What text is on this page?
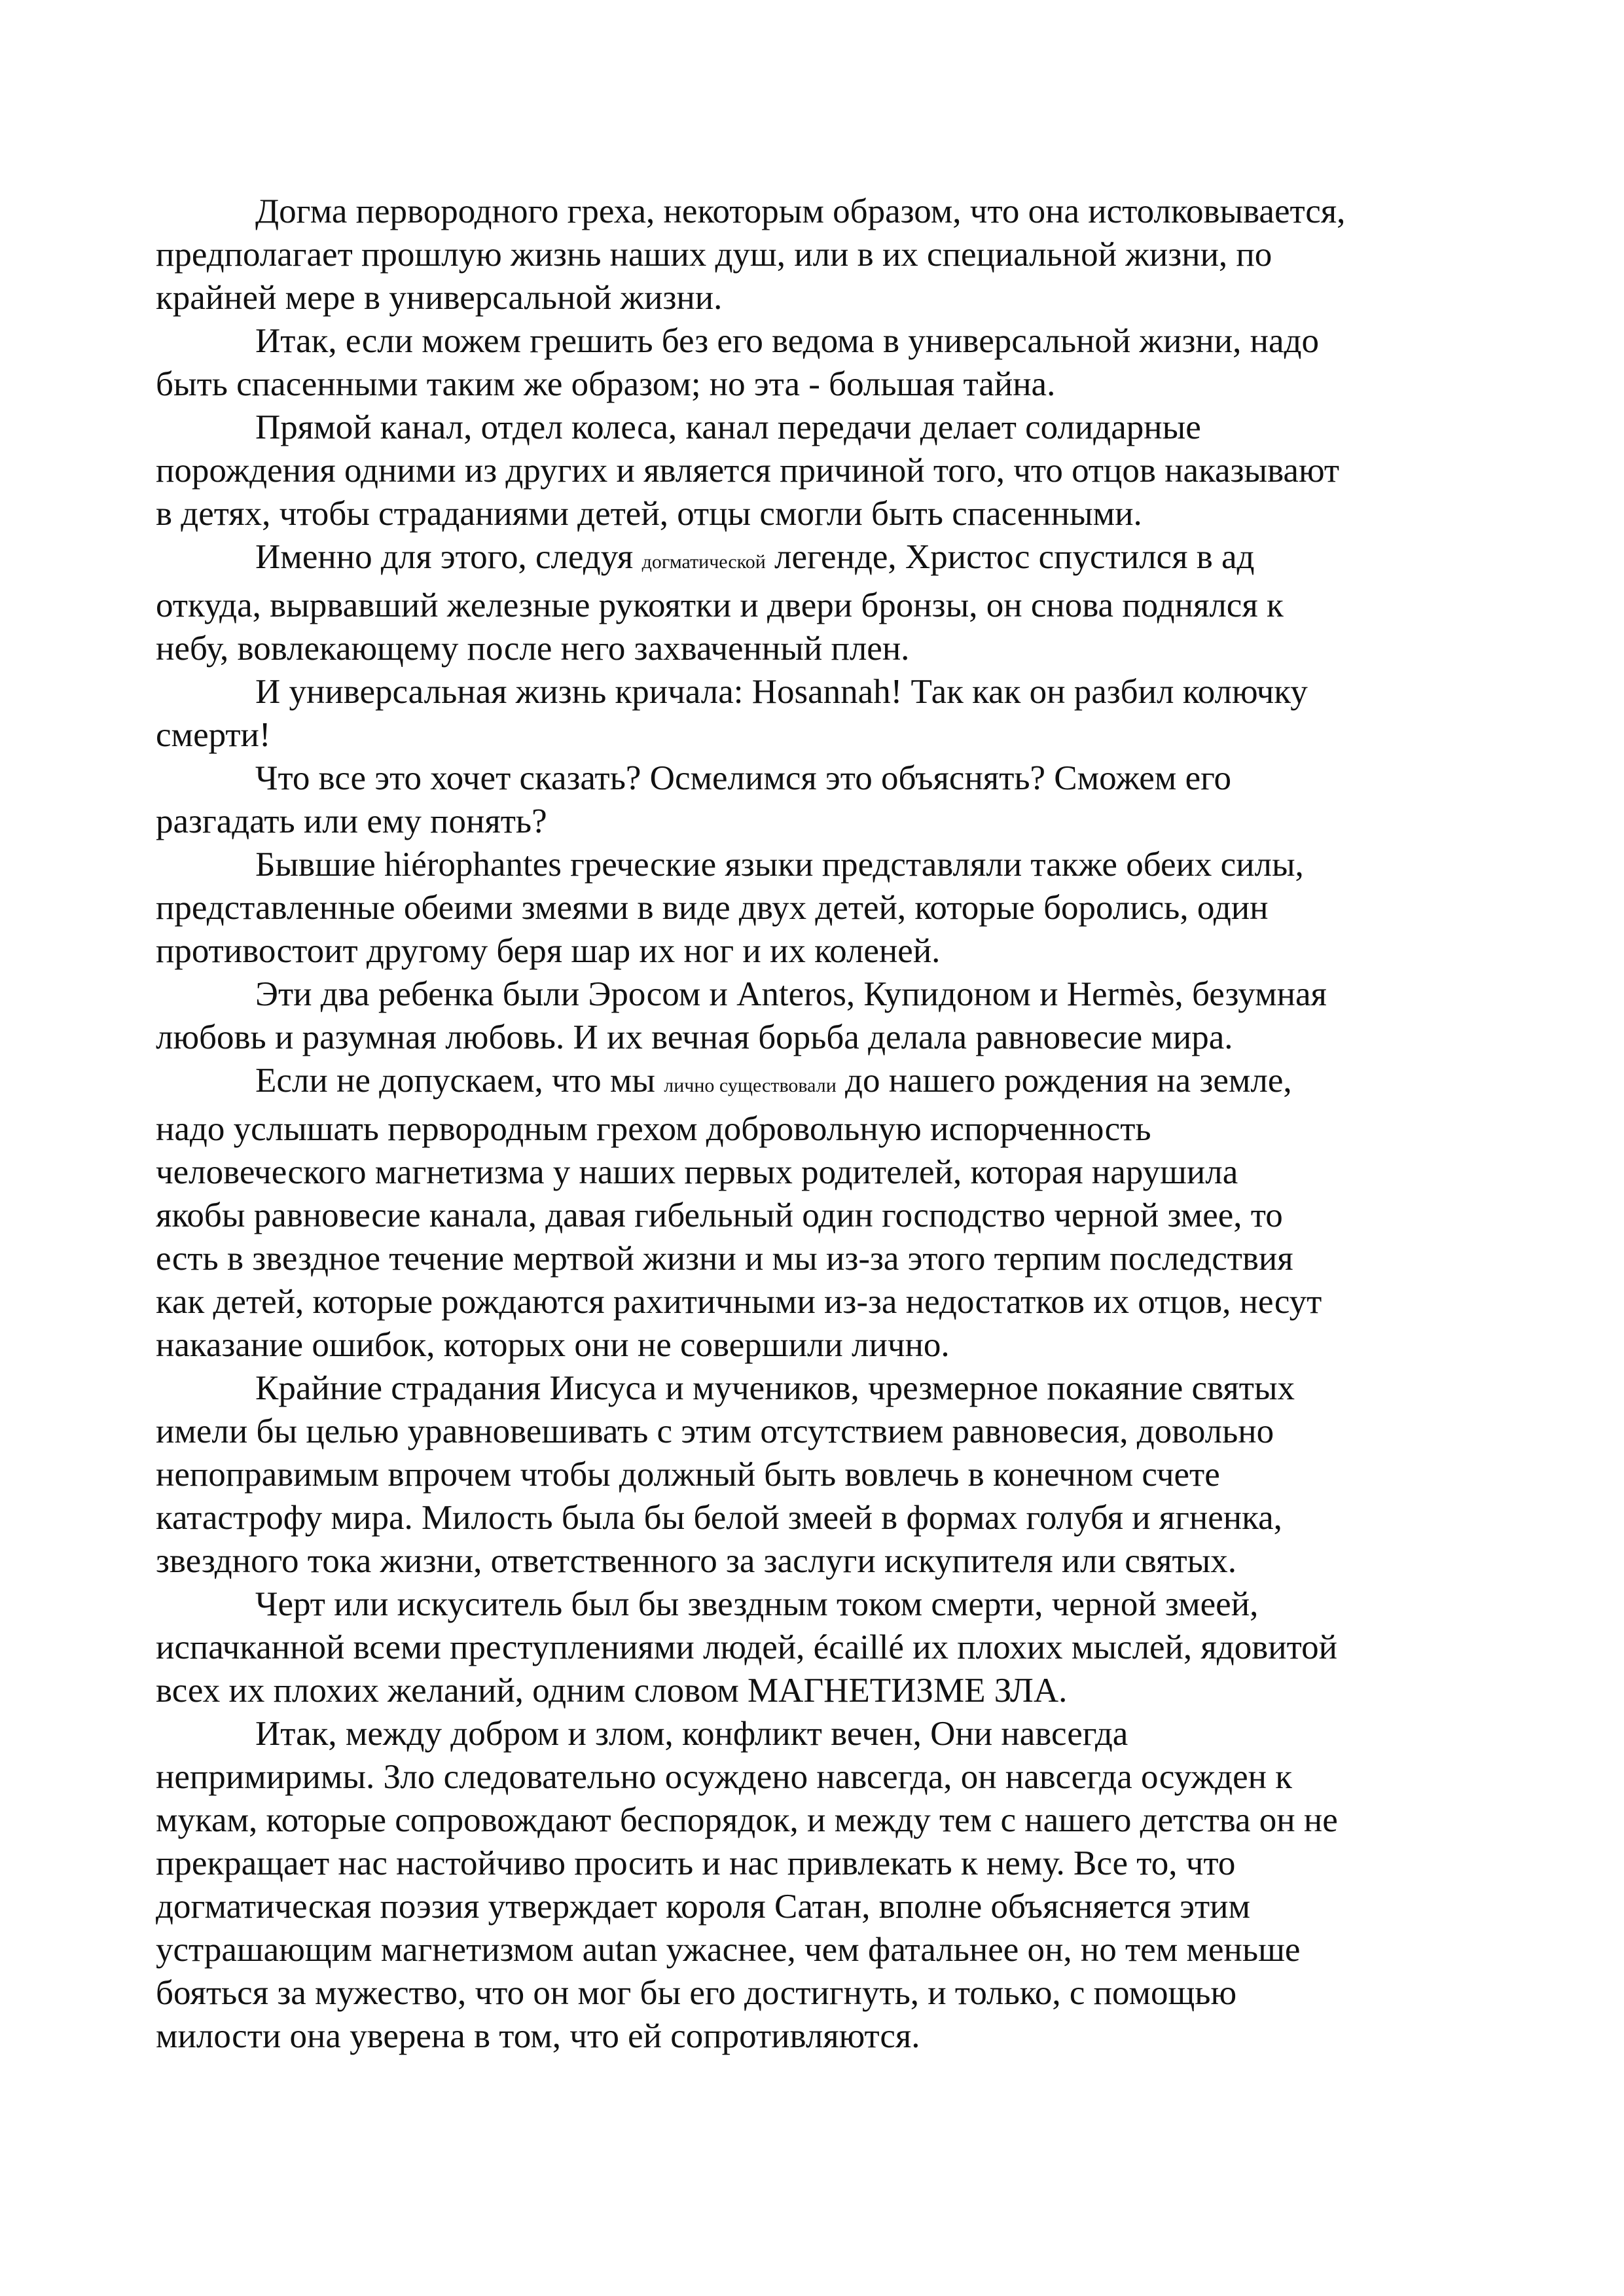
Догма первородного греха, некоторым образом, что она истолковывается,
предполагает прошлую жизнь наших душ, или в их специальной жизни, по
крайней мере в универсальной жизни.

Итак, если можем грешить без его ведома в универсальной жизни, надо
быть спасенными таким же образом; но эта - большая тайна.

Прямой канал, отдел колеса, канал передачи делает солидарные
порождения одними из других и является причиной того, что отцов наказывают
в детях, чтобы страданиями детей, отцы смогли быть спасенными.

Именно для этого, следуя догматической легенде, Христос спустился в ад
откуда, вырвавший железные рукоятки и двери бронзы, он снова поднялся к
небу, вовлекающему после него захваченный плен.

И универсальная жизнь кричала: Hosannah! Так как он разбил колючку
смерти!

Что все это хочет сказать? Осмелимся это объяснять? Сможем его
разгадать или ему понять?

Бывшие hiérophantes греческие языки представляли также обеих силы,
представленные обеими змеями в виде двух детей, которые боролись, один
противостоит другому беря шар их ног и их коленей.

Эти два ребенка были Эросом и Anteros, Купидоном и Hermès, безумная
любовь и разумная любовь. И их вечная борьба делала равновесие мира.

Если не допускаем, что мы лично существовали до нашего рождения на земле,
надо услышать первородным грехом добровольную испорченность
человеческого магнетизма у наших первых родителей, которая нарушила
якобы равновесие канала, давая гибельный один господство черной змее, то
есть в звездное течение мертвой жизни и мы из-за этого терпим последствия
как детей, которые рождаются рахитичными из-за недостатков их отцов, несут
наказание ошибок, которых они не совершили лично.

Крайние страдания Иисуса и мучеников, чрезмерное покаяние святых
имели бы целью уравновешивать с этим отсутствием равновесия, довольно
непоправимым впрочем чтобы должный быть вовлечь в конечном счете
катастрофу мира. Милость была бы белой змеей в формах голубя и ягненка,
звездного тока жизни, ответственного за заслуги искупителя или святых.

Черт или искуситель был бы звездным током смерти, черной змеей,
испачканной всеми преступлениями людей, écaillé их плохих мыслей, ядовитой
всех их плохих желаний, одним словом МАГНЕТИЗМЕ ЗЛА.

Итак, между добром и злом, конфликт вечен, Они навсегда
непримиримы. Зло следовательно осуждено навсегда, он навсегда осужден к
мукам, которые сопровождают беспорядок, и между тем с нашего детства он не
прекращает нас настойчиво просить и нас привлекать к нему. Все то, что
догматическая поэзия утверждает короля Сатан, вполне объясняется этим
устрашающим магнетизмом autan ужаснее, чем фатальнее он, но тем меньше
бояться за мужество, что он мог бы его достигнуть, и только, с помощью
милости она уверена в том, что ей сопротивляются.
